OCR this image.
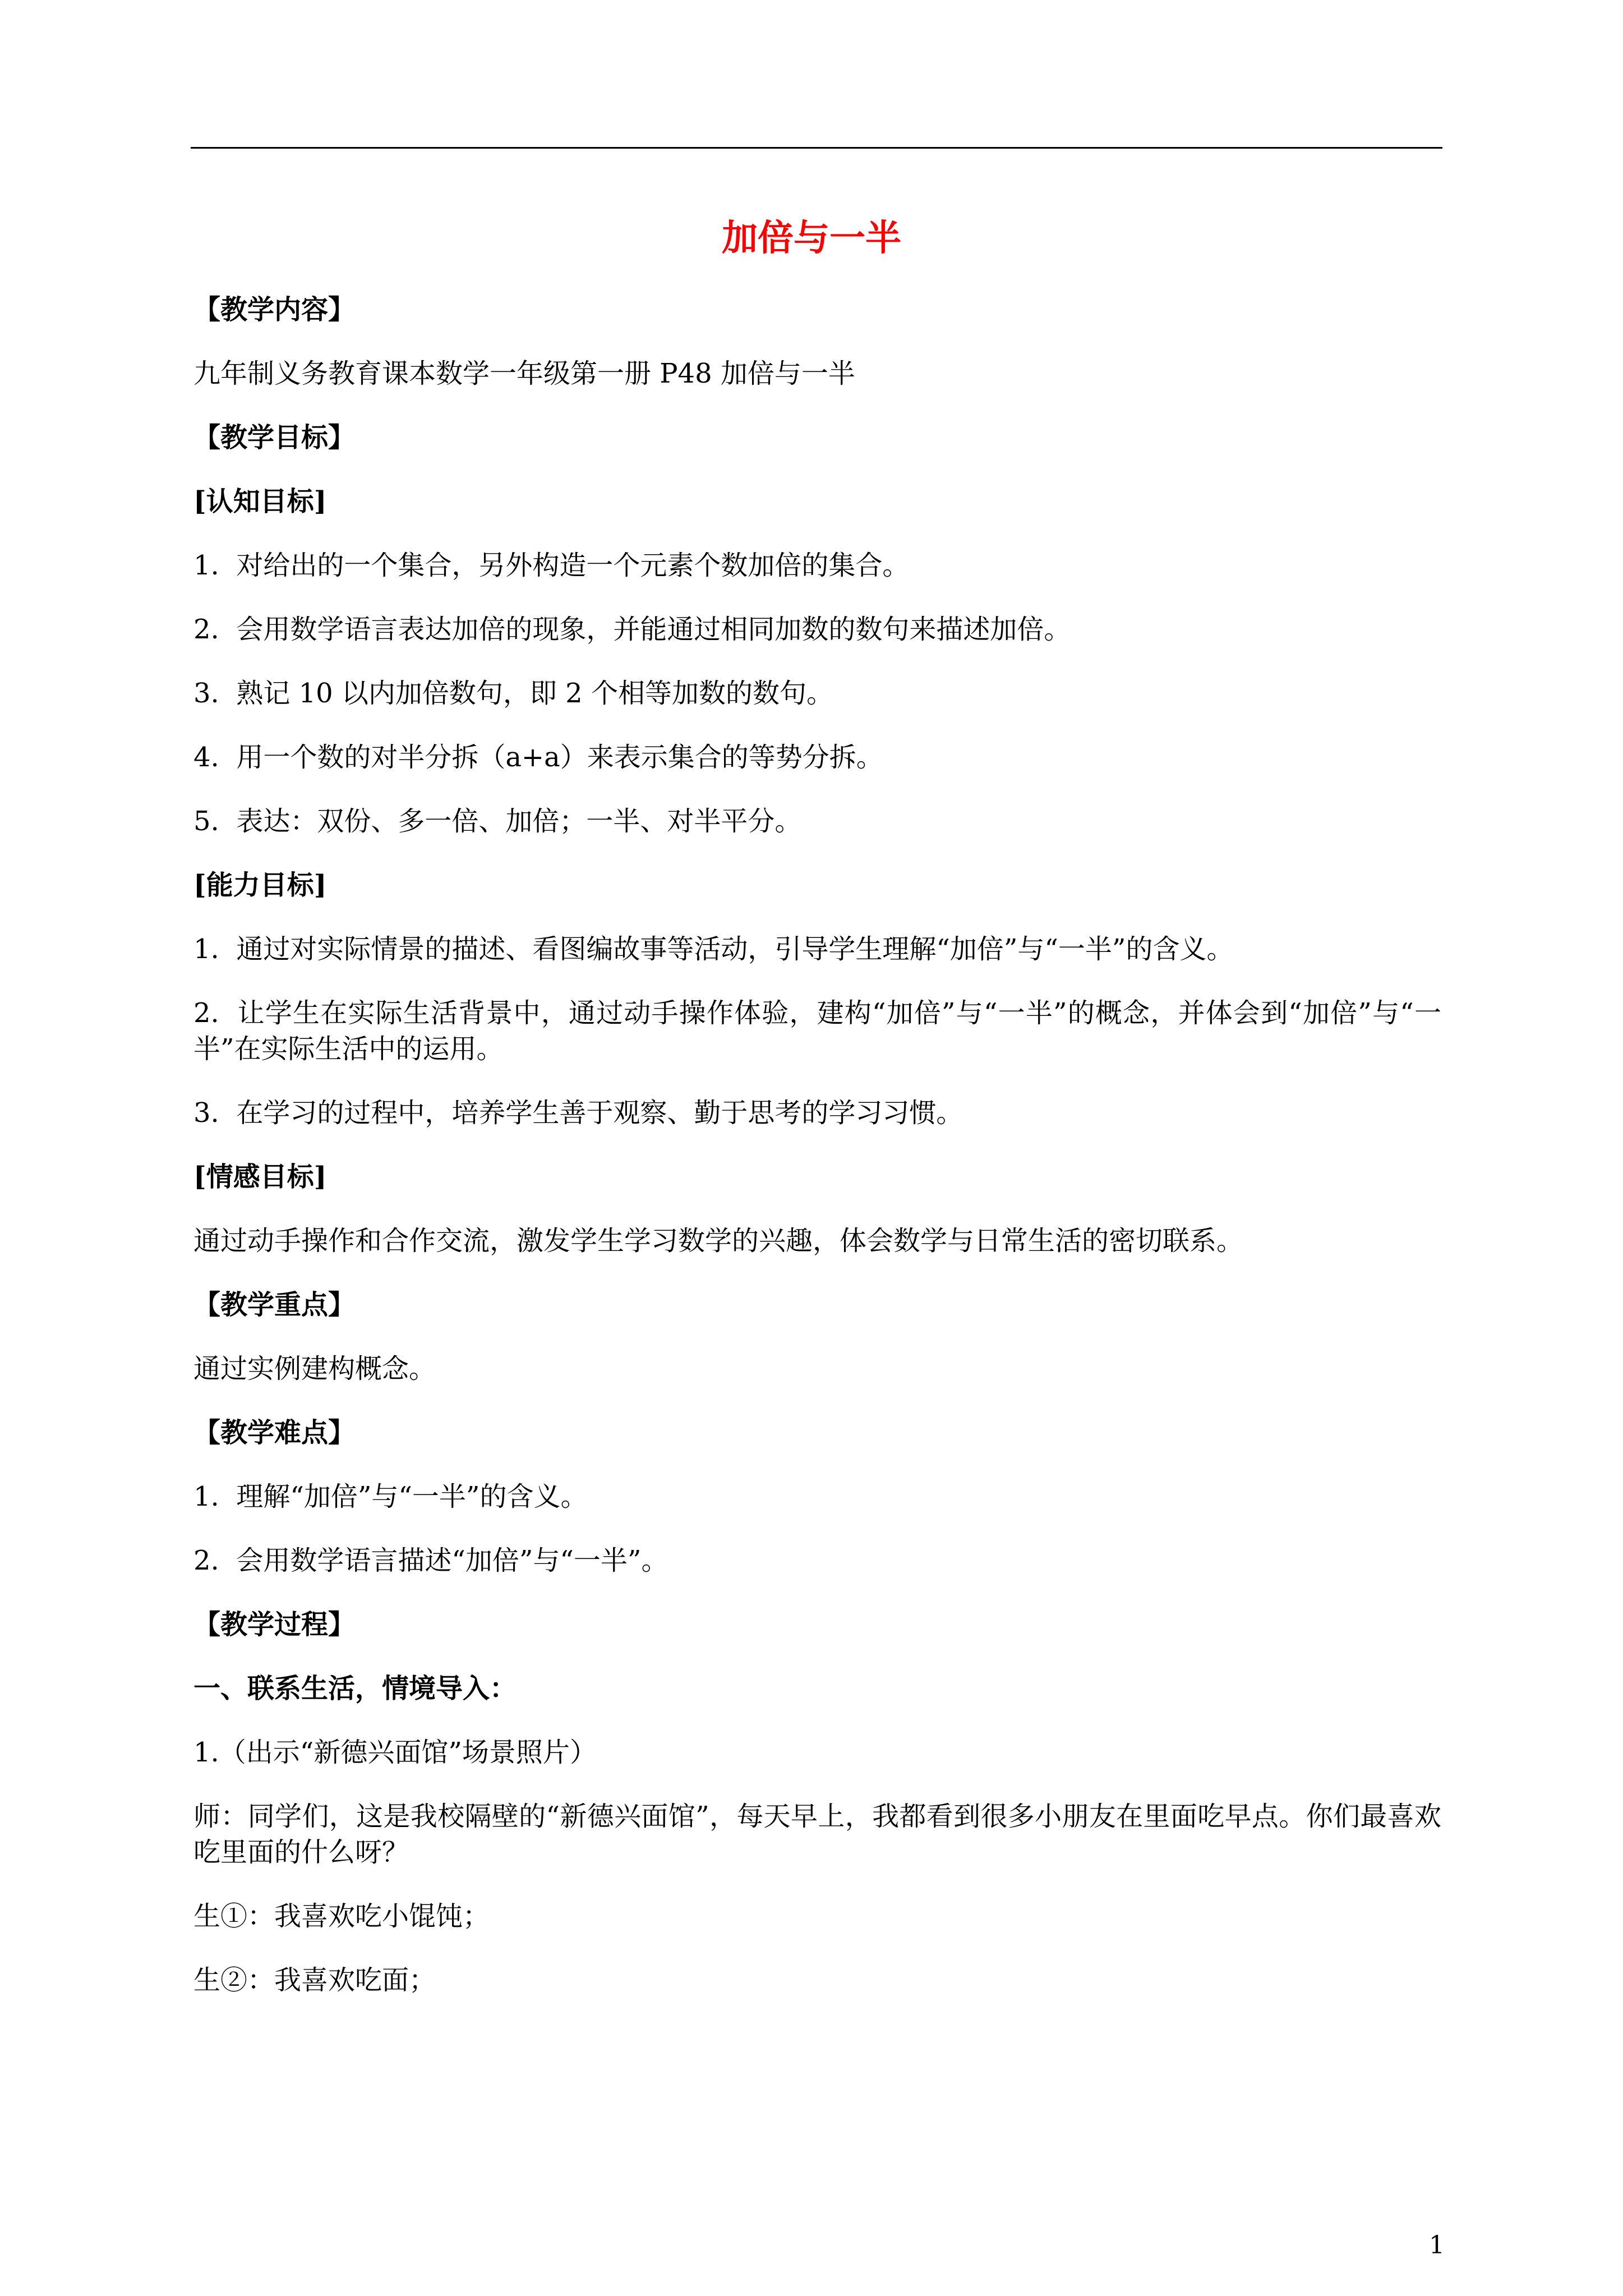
加倍与一半

【教学内容】

九年制义务教育课本数学一年级第一册 P48 加倍与一半

【教学目标】

[认知目标]

1.  对给出的一个集合，另外构造一个元素个数加倍的集合。

2.  会用数学语言表达加倍的现象，并能通过相同加数的数句来描述加倍。

3.  熟记 10 以内加倍数句，即 2 个相等加数的数句。

4.  用一个数的对半分拆（a+a）来表示集合的等势分拆。

5.  表达：双份、多一倍、加倍；一半、对半平分。

[能力目标]

1.  通过对实际情景的描述、看图编故事等活动，引导学生理解“加倍”与“一半”的含义。

2.  让学生在实际生活背景中，通过动手操作体验，建构“加倍”与“一半”的概念，并体会到“加倍”与“一半”在实际生活中的运用。

3.  在学习的过程中，培养学生善于观察、勤于思考的学习习惯。

[情感目标]

通过动手操作和合作交流，激发学生学习数学的兴趣，体会数学与日常生活的密切联系。

【教学重点】

通过实例建构概念。

【教学难点】

1.  理解“加倍”与“一半”的含义。

2.  会用数学语言描述“加倍”与“一半”。

【教学过程】

一、联系生活，情境导入：

1.（出示“新德兴面馆”场景照片）

师：同学们，这是我校隔壁的“新德兴面馆”，每天早上，我都看到很多小朋友在里面吃早点。你们最喜欢吃里面的什么呀？

生①：我喜欢吃小馄饨；

生②：我喜欢吃面；

1
